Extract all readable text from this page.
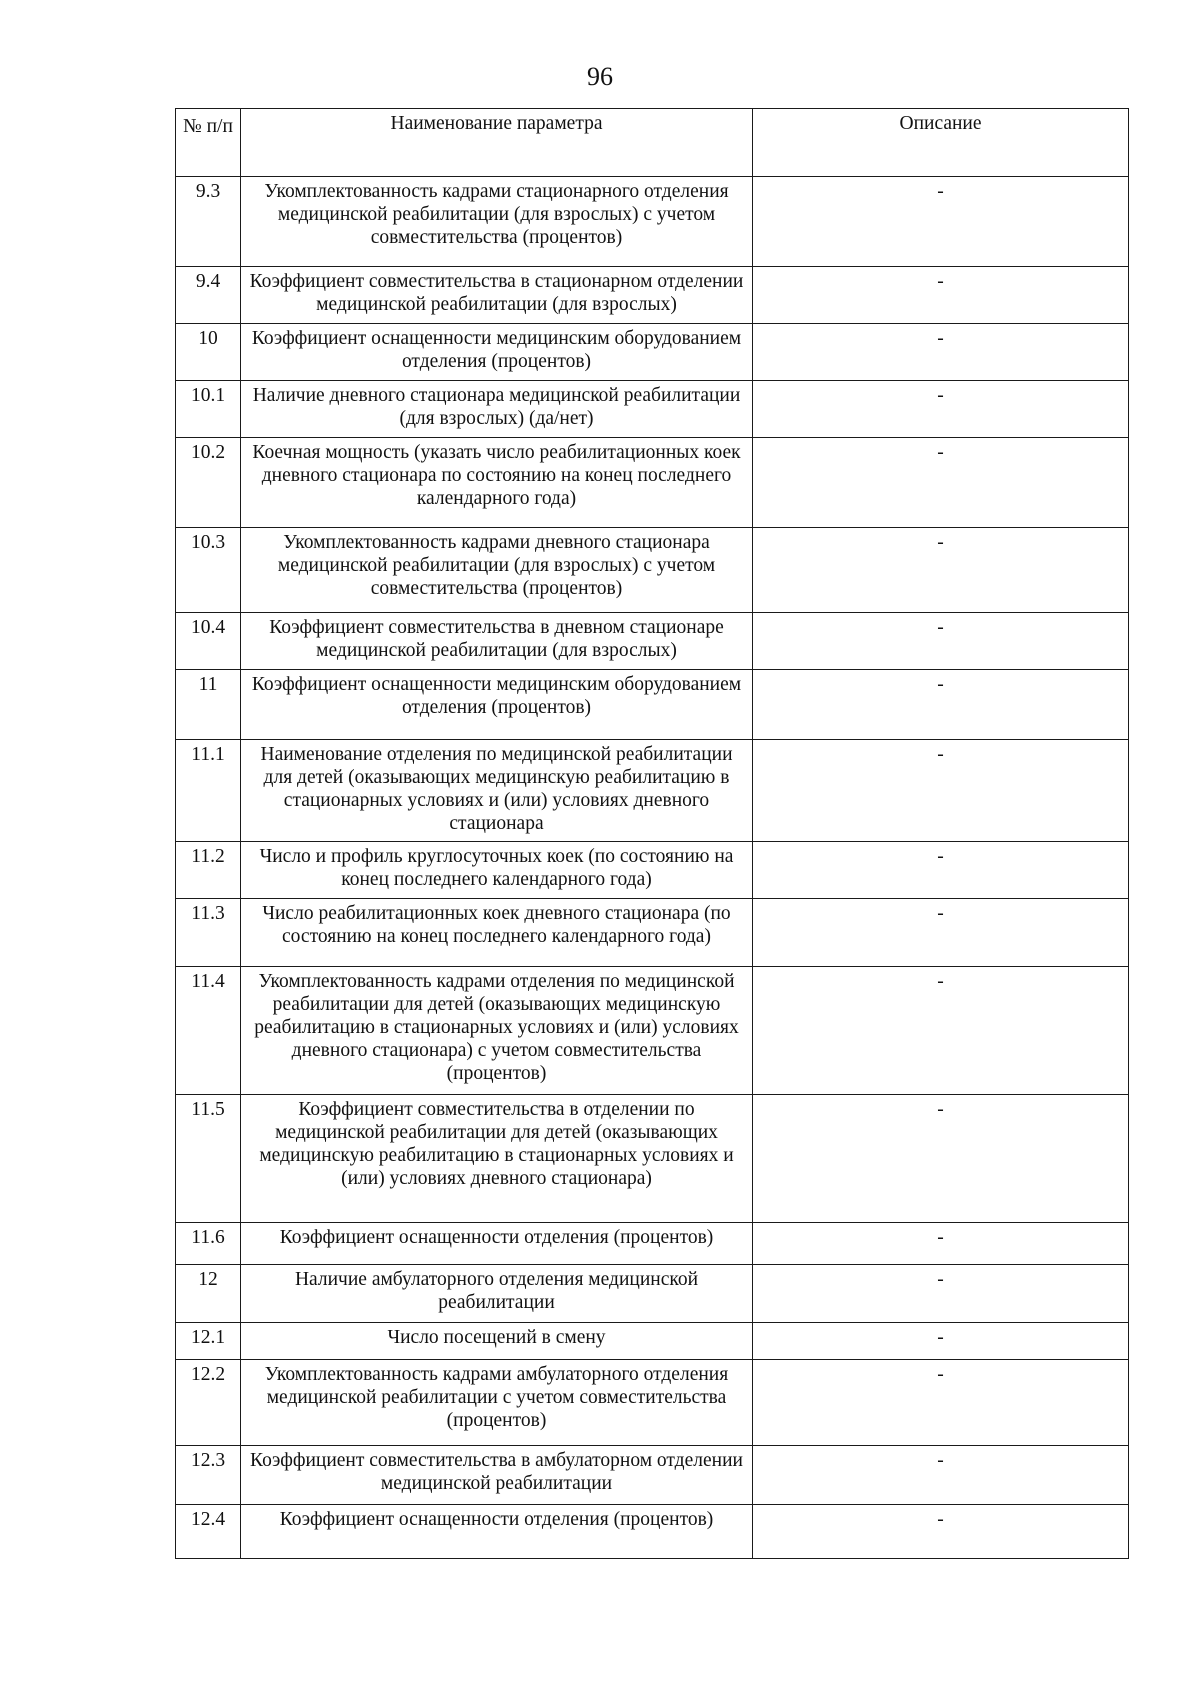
96
№ п/п	Наименование параметра	Описание
9.3	Укомплектованность кадрами стационарного отделения медицинской реабилитации (для взрослых) с учетом совместительства (процентов)	-
9.4	Коэффициент совместительства в стационарном отделении медицинской реабилитации (для взрослых)	-
10	Коэффициент оснащенности медицинским оборудованием отделения (процентов)	-
10.1	Наличие дневного стационара медицинской реабилитации (для взрослых) (да/нет)	-
10.2	Коечная мощность (указать число реабилитационных коек дневного стационара по состоянию на конец последнего календарного года)	-
10.3	Укомплектованность кадрами дневного стационара медицинской реабилитации (для взрослых) с учетом совместительства (процентов)	-
10.4	Коэффициент совместительства в дневном стационаре медицинской реабилитации (для взрослых)	-
11	Коэффициент оснащенности медицинским оборудованием отделения (процентов)	-
11.1	Наименование отделения по медицинской реабилитации для детей (оказывающих медицинскую реабилитацию в стационарных условиях и (или) условиях дневного стационара	-
11.2	Число и профиль круглосуточных коек (по состоянию на конец последнего календарного года)	-
11.3	Число реабилитационных коек дневного стационара (по состоянию на конец последнего календарного года)	-
11.4	Укомплектованность кадрами отделения по медицинской реабилитации для детей (оказывающих медицинскую реабилитацию в стационарных условиях и (или) условиях дневного стационара) с учетом совместительства (процентов)	-
11.5	Коэффициент совместительства в отделении по медицинской реабилитации для детей (оказывающих медицинскую реабилитацию в стационарных условиях и (или) условиях дневного стационара)	-
11.6	Коэффициент оснащенности отделения (процентов)	-
12	Наличие амбулаторного отделения медицинской реабилитации	-
12.1	Число посещений в смену	-
12.2	Укомплектованность кадрами амбулаторного отделения медицинской реабилитации с учетом совместительства (процентов)	-
12.3	Коэффициент совместительства в амбулаторном отделении медицинской реабилитации	-
12.4	Коэффициент оснащенности отделения (процентов)	-
